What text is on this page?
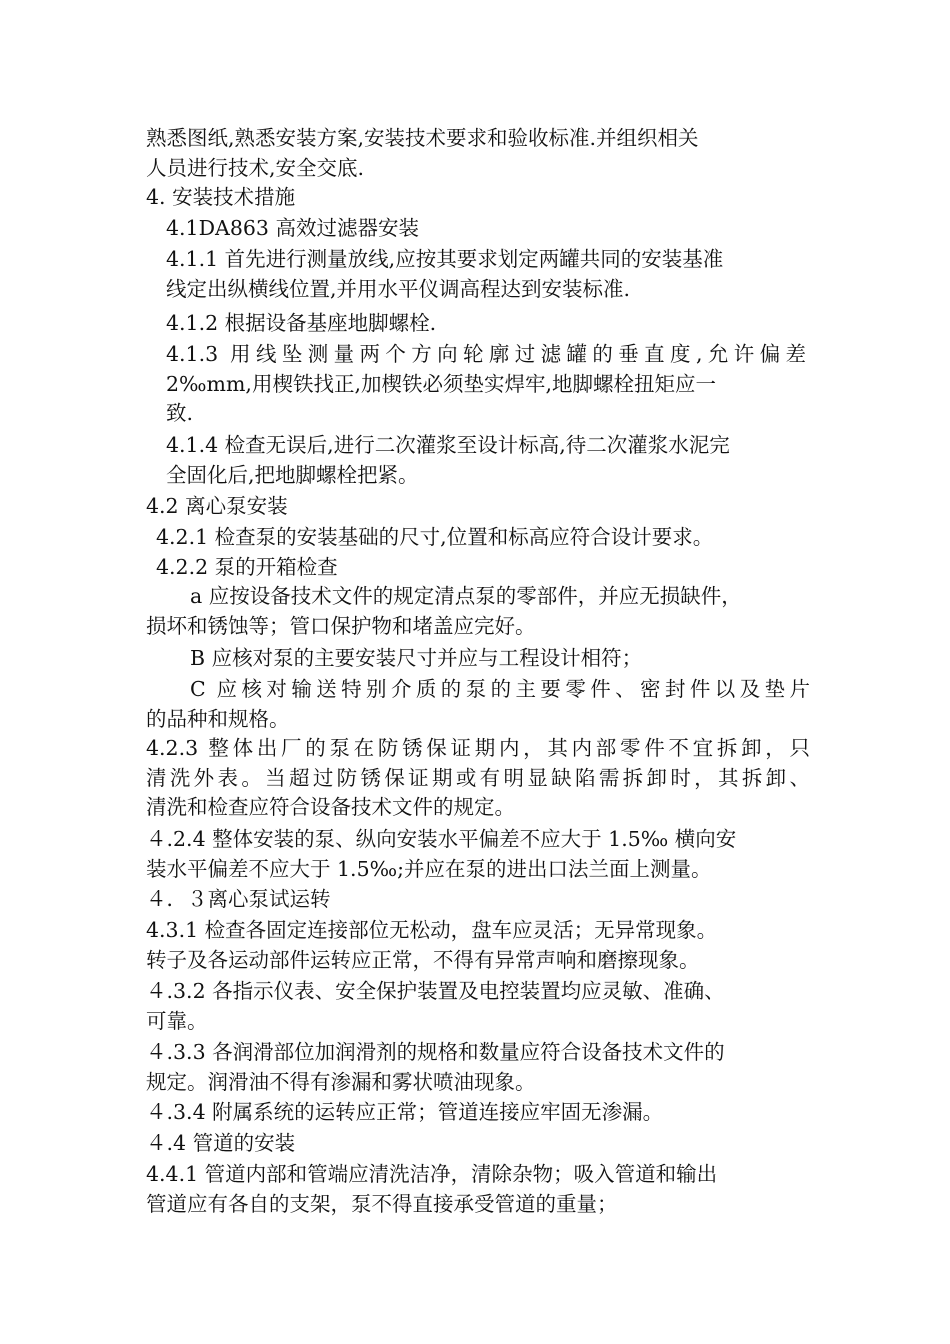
熟悉图纸,熟悉安装方案,安装技术要求和验收标准.并组织相关
人员进行技术,安全交底.
4. 安装技术措施
4.1DA863 高效过滤器安装
4.1.1 首先进行测量放线,应按其要求划定两罐共同的安装基准
线定出纵横线位置,并用水平仪调高程达到安装标准.
4.1.2 根据设备基座地脚螺栓.
4.1.3 用线坠测量两个方向轮廓过滤罐的垂直度,允许偏差
2‰mm,用楔铁找正,加楔铁必须垫实焊牢,地脚螺栓扭矩应一
致.
4.1.4 检查无误后,进行二次灌浆至设计标高,待二次灌浆水泥完
全固化后,把地脚螺栓把紧。
4.2 离心泵安装
4.2.1 检查泵的安装基础的尺寸,位置和标高应符合设计要求。
4.2.2 泵的开箱检查
a 应按设备技术文件的规定清点泵的零部件，并应无损缺件，
损坏和锈蚀等；管口保护物和堵盖应完好。
B 应核对泵的主要安装尺寸并应与工程设计相符；
C 应核对输送特别介质的泵的主要零件、密封件以及垫片
的品种和规格。
4.2.3 整体出厂的泵在防锈保证期内，其内部零件不宜拆卸，只
清洗外表。当超过防锈保证期或有明显缺陷需拆卸时，其拆卸、
清洗和检查应符合设备技术文件的规定。
４.2.4 整体安装的泵、纵向安装水平偏差不应大于 1.5‰ 横向安
装水平偏差不应大于 1.5‰;并应在泵的进出口法兰面上测量。
４．３离心泵试运转
4.3.1 检查各固定连接部位无松动，盘车应灵活；无异常现象。
转子及各运动部件运转应正常，不得有异常声响和磨擦现象。
４.3.2 各指示仪表、安全保护装置及电控装置均应灵敏、准确、
可靠。
４.3.3 各润滑部位加润滑剂的规格和数量应符合设备技术文件的
规定。润滑油不得有渗漏和雾状喷油现象。
４.3.4 附属系统的运转应正常；管道连接应牢固无渗漏。
４.4 管道的安装
4.4.1 管道内部和管端应清洗洁净，清除杂物；吸入管道和输出
管道应有各自的支架，泵不得直接承受管道的重量；
